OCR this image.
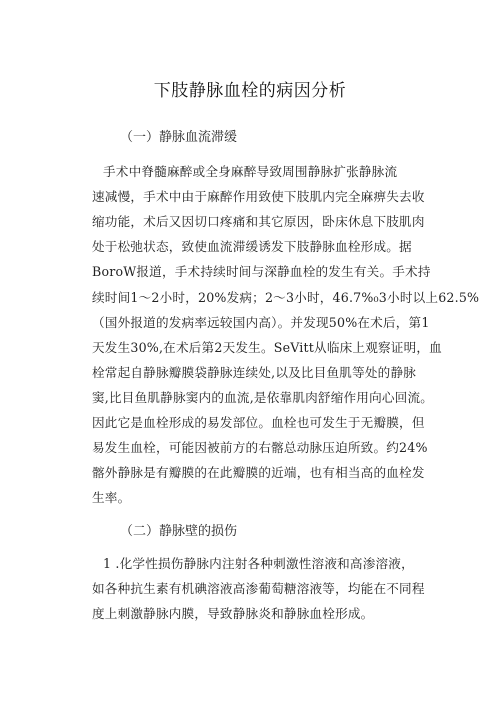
下肢静脉血栓的病因分析
（一）静脉血流滞缓
手术中脊髓麻醉或全身麻醉导致周围静脉扩张静脉流
速减慢，手术中由于麻醉作用致使下肢肌内完全麻痹失去收
缩功能，术后又因切口疼痛和其它原因，卧床休息下肢肌肉
处于松弛状态，致使血流滞缓诱发下肢静脉血栓形成。据
BoroW报道，手术持续时间与深静血栓的发生有关。手术持
续时间1〜2小时，20%发病；2〜3小时，46.7%₀3小时以上62.5%
（国外报道的发病率远较国内高）。并发现50%在术后，第1
天发生30%,在术后第2天发生。SeVitt从临床上观察证明，血
栓常起自静脉瓣膜袋静脉连续处,以及比目鱼肌等处的静脉
窦,比目鱼肌静脉窦内的血流,是依靠肌肉舒缩作用向心回流。
因此它是血栓形成的易发部位。血栓也可发生于无瓣膜，但
易发生血栓，可能因被前方的右髂总动脉压迫所致。约24%
髂外静脉是有瓣膜的在此瓣膜的近端，也有相当高的血栓发
生率。
（二）静脉壁的损伤
1 .化学性损伤静脉内注射各种刺激性溶液和高渗溶液，
如各种抗生素有机碘溶液高渗葡萄糖溶液等，均能在不同程
度上刺激静脉内膜，导致静脉炎和静脉血栓形成。
